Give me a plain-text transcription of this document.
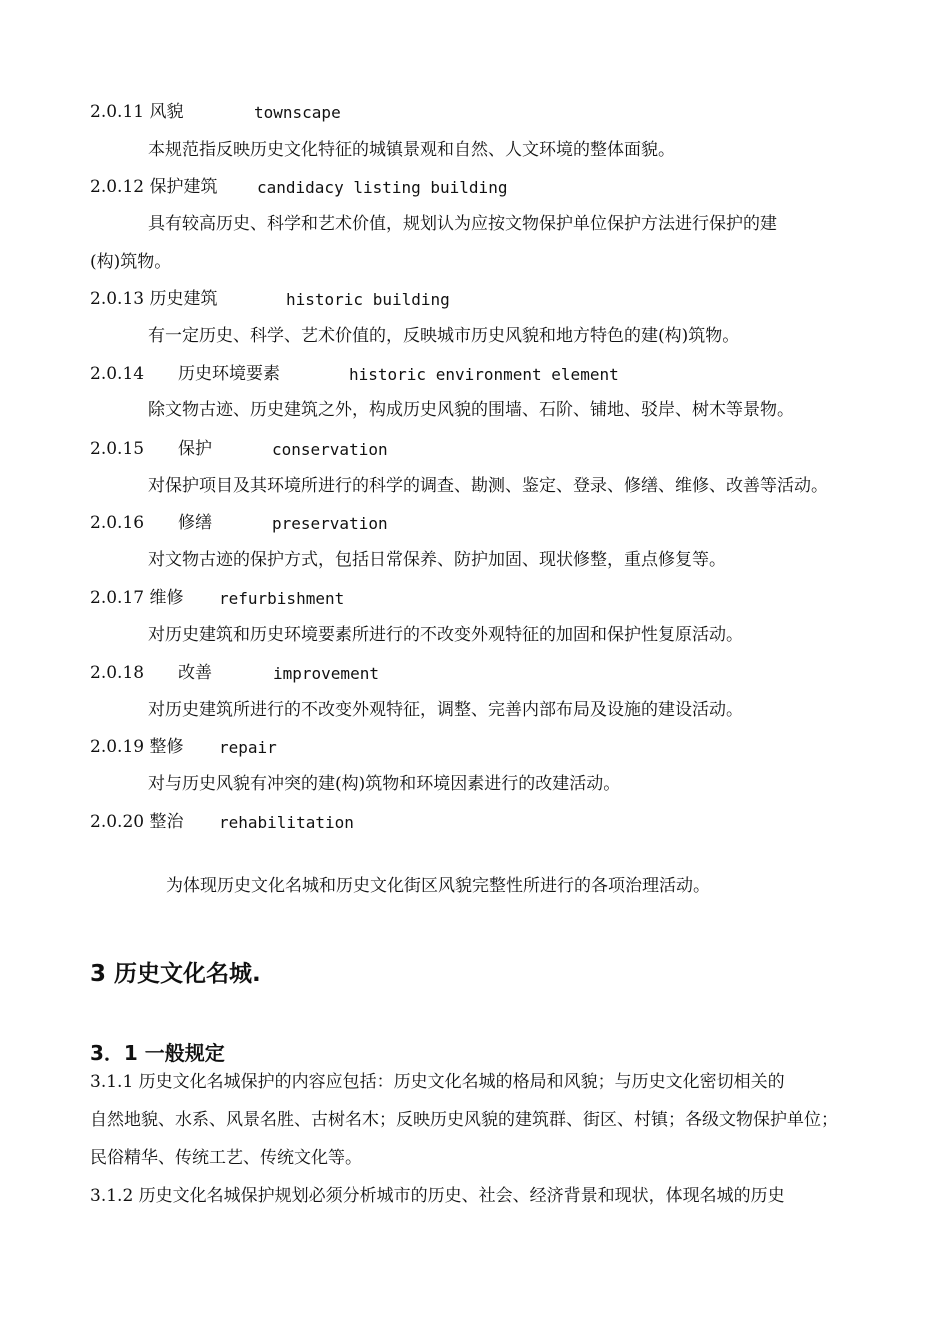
2.0.11 风貌	townscape
本规范指反映历史文化特征的城镇景观和自然、人文环境的整体面貌。
2.0.12 保护建筑 candidacy listing building
具有较高历史、科学和艺术价值，规划认为应按文物保护单位保护方法进行保护的建
(构)筑物。
2.0.13 历史建筑	historic building
有一定历史、科学、艺术价值的，反映城市历史风貌和地方特色的建(构)筑物。
2.0.14 历史环境要素	historic environment element
除文物古迹、历史建筑之外，构成历史风貌的围墙、石阶、铺地、驳岸、树木等景物。
2.0.15 保护	conservation
对保护项目及其环境所进行的科学的调查、勘测、鉴定、登录、修缮、维修、改善等活动。
2.0.16 修缮	preservation
对文物古迹的保护方式，包括日常保养、防护加固、现状修整，重点修复等。
2.0.17 维修 refurbishment
对历史建筑和历史环境要素所进行的不改变外观特征的加固和保护性复原活动。
2.0.18 改善	improvement
对历史建筑所进行的不改变外观特征，调整、完善内部布局及设施的建设活动。
2.0.19 整修 repair
对与历史风貌有冲突的建(构)筑物和环境因素进行的改建活动。
2.0.20 整治 rehabilitation
为体现历史文化名城和历史文化街区风貌完整性所进行的各项治理活动。
3 历史文化名城.
3．1 一般规定
3.1.1 历史文化名城保护的内容应包括：历史文化名城的格局和风貌；与历史文化密切相关的
自然地貌、水系、风景名胜、古树名木；反映历史风貌的建筑群、街区、村镇；各级文物保护单位；
民俗精华、传统工艺、传统文化等。
3.1.2 历史文化名城保护规划必须分析城市的历史、社会、经济背景和现状，体现名城的历史
